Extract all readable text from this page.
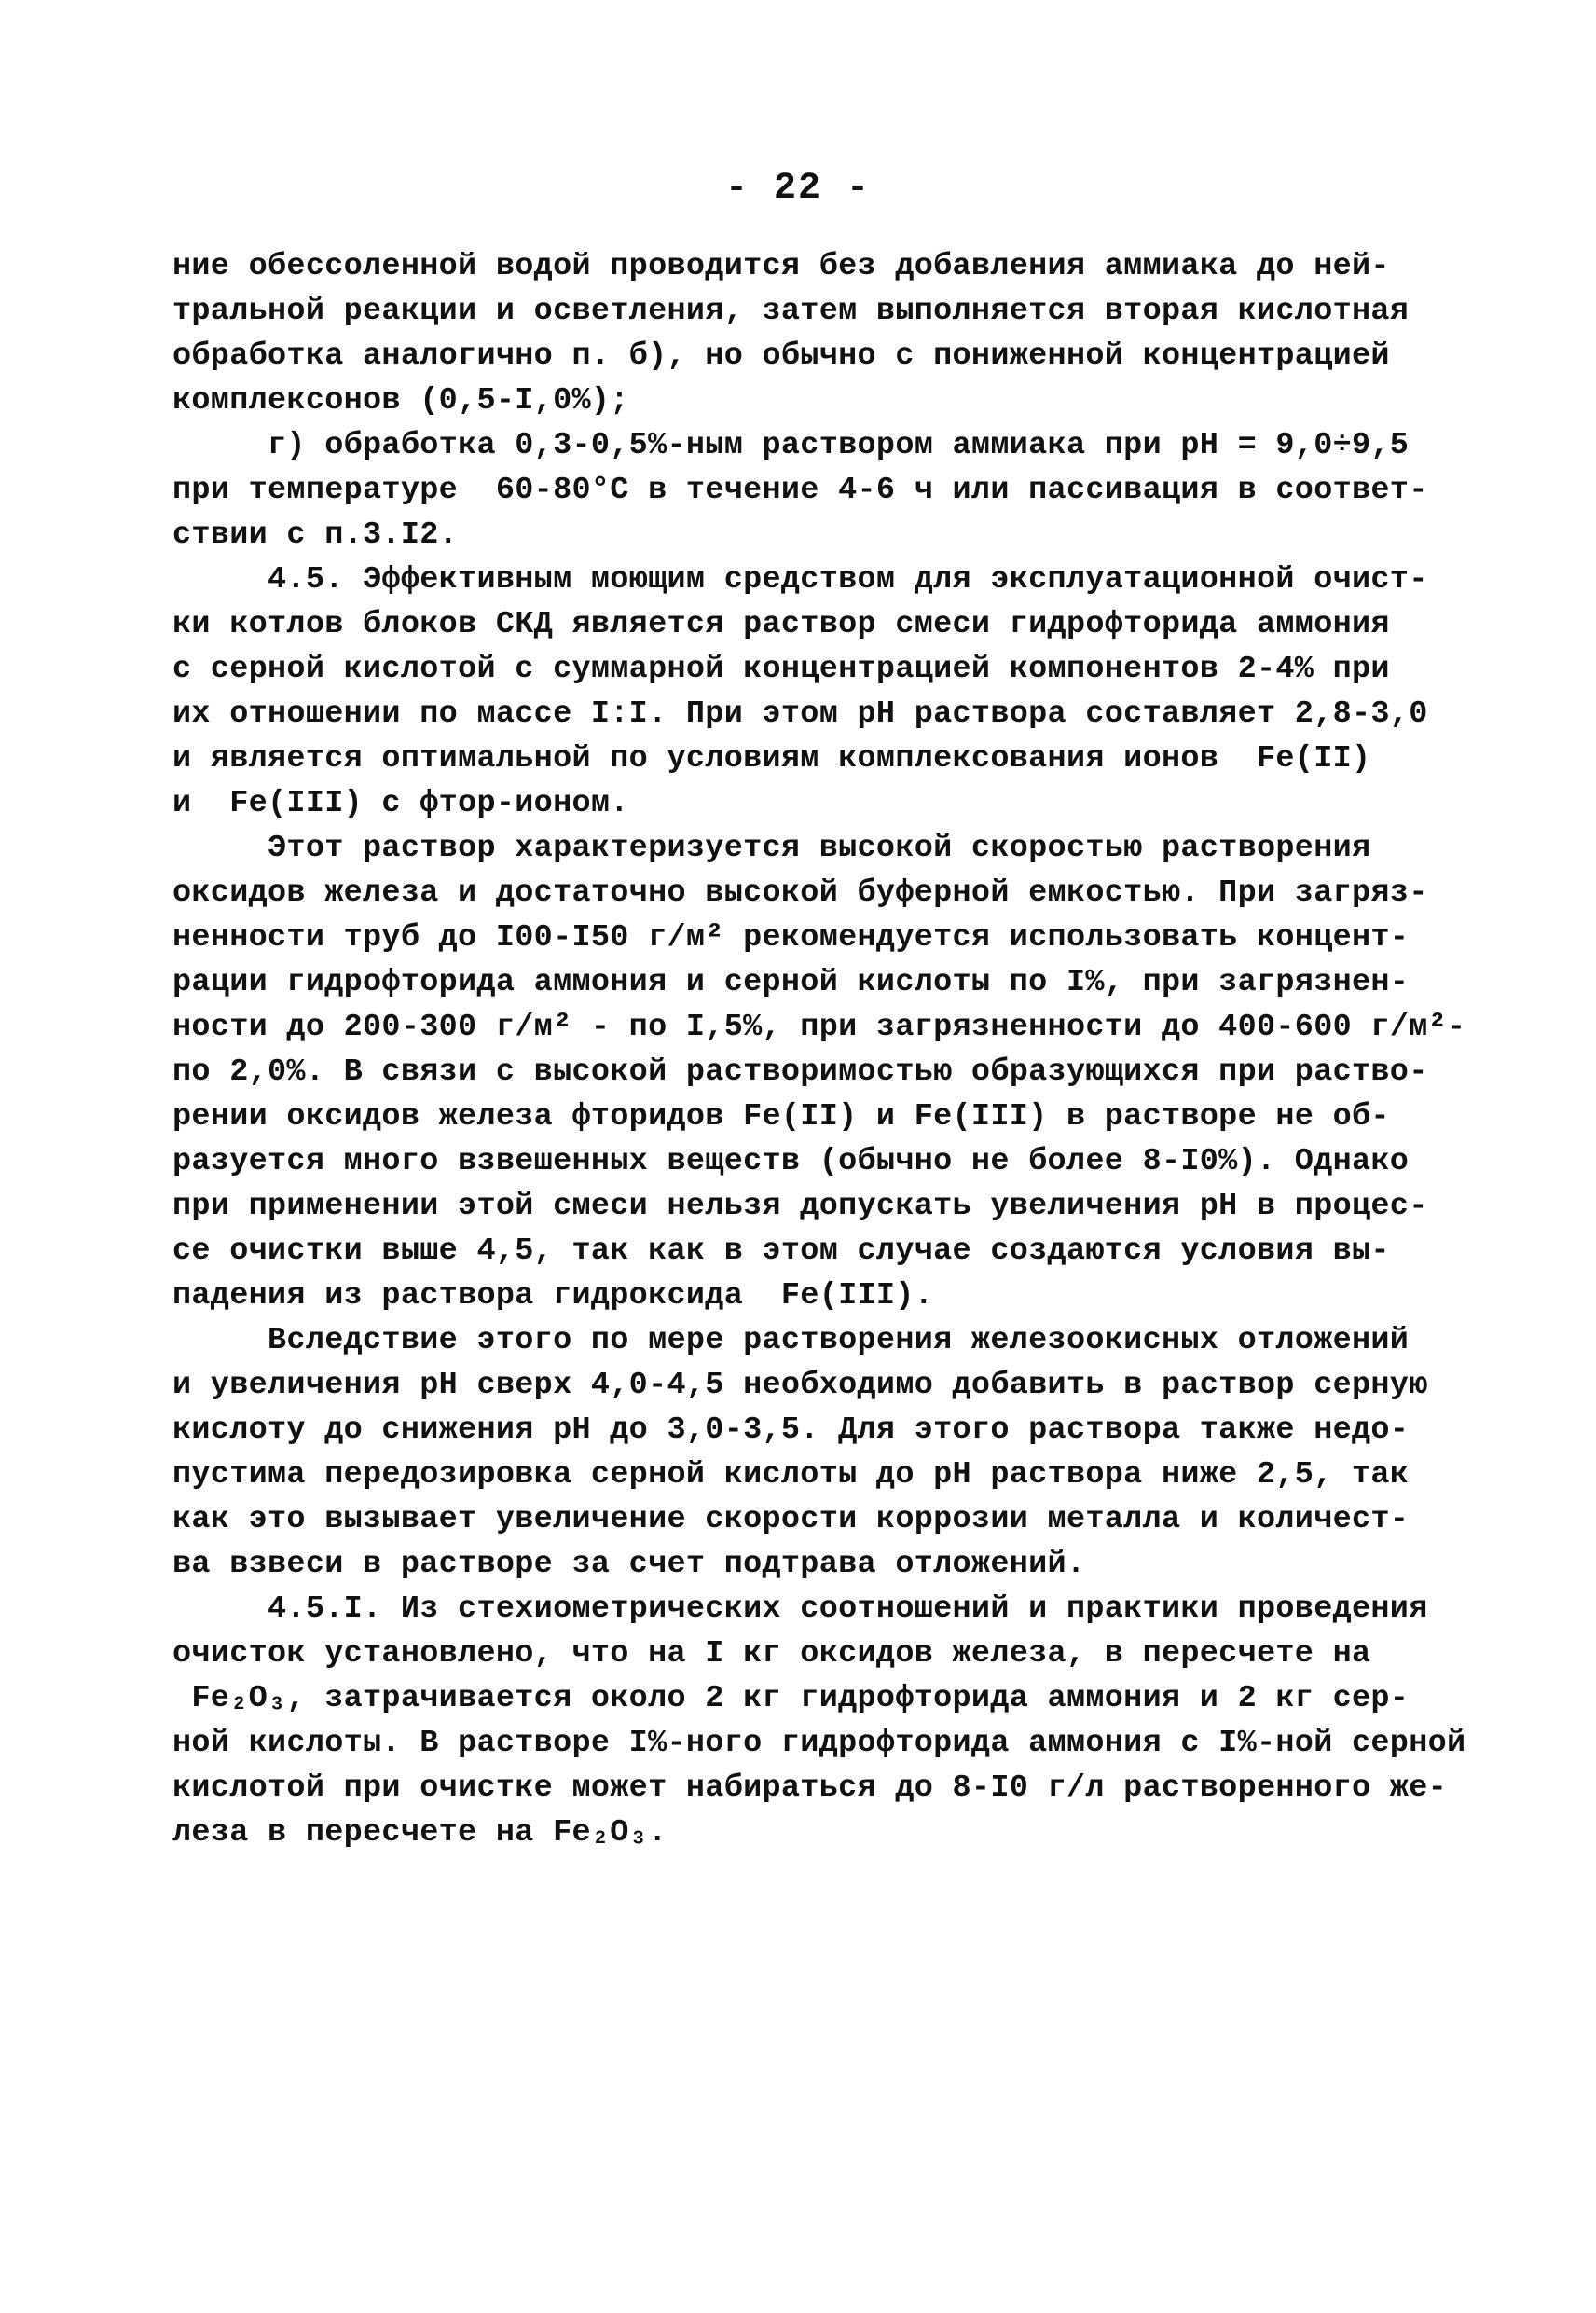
- 22 -
ние обессоленной водой проводится без добавления аммиака до ней-
тральной реакции и осветления, затем выполняется вторая кислотная
обработка аналогично п. б), но обычно с пониженной концентрацией
комплексонов (0,5-I,0%);
г) обработка 0,3-0,5%-ным раствором аммиака при pH = 9,0÷9,5
при температуре  60-80°C в течение 4-6 ч или пассивация в соответ-
ствии с п.3.I2.
4.5. Эффективным моющим средством для эксплуатационной очист-
ки котлов блоков СКД является раствор смеси гидрофторида аммония
с серной кислотой с суммарной концентрацией компонентов 2-4% при
их отношении по массе I:I. При этом pH раствора составляет 2,8-3,0
и является оптимальной по условиям комплексования ионов  Fe(II)
и  Fe(III) с фтор-ионом.
Этот раствор характеризуется высокой скоростью растворения
оксидов железа и достаточно высокой буферной емкостью. При загряз-
ненности труб до I00-I50 г/м² рекомендуется использовать концент-
рации гидрофторида аммония и серной кислоты по I%, при загрязнен-
ности до 200-300 г/м² - по I,5%, при загрязненности до 400-600 г/м²-
по 2,0%. В связи с высокой растворимостью образующихся при раство-
рении оксидов железа фторидов Fe(II) и Fe(III) в растворе не об-
разуется много взвешенных веществ (обычно не более 8-I0%). Однако
при применении этой смеси нельзя допускать увеличения pH в процес-
се очистки выше 4,5, так как в этом случае создаются условия вы-
падения из раствора гидроксида  Fe(III).
Вследствие этого по мере растворения железоокисных отложений
и увеличения pH сверх 4,0-4,5 необходимо добавить в раствор серную
кислоту до снижения pH до 3,0-3,5. Для этого раствора также недо-
пустима передозировка серной кислоты до pH раствора ниже 2,5, так
как это вызывает увеличение скорости коррозии металла и количест-
ва взвеси в растворе за счет подтрава отложений.
4.5.I. Из стехиометрических соотношений и практики проведения
очисток установлено, что на I кг оксидов железа, в пересчете на
Fe₂O₃, затрачивается около 2 кг гидрофторида аммония и 2 кг сер-
ной кислоты. В растворе I%-ного гидрофторида аммония с I%-ной серной
кислотой при очистке может набираться до 8-I0 г/л растворенного же-
леза в пересчете на Fe₂O₃.
